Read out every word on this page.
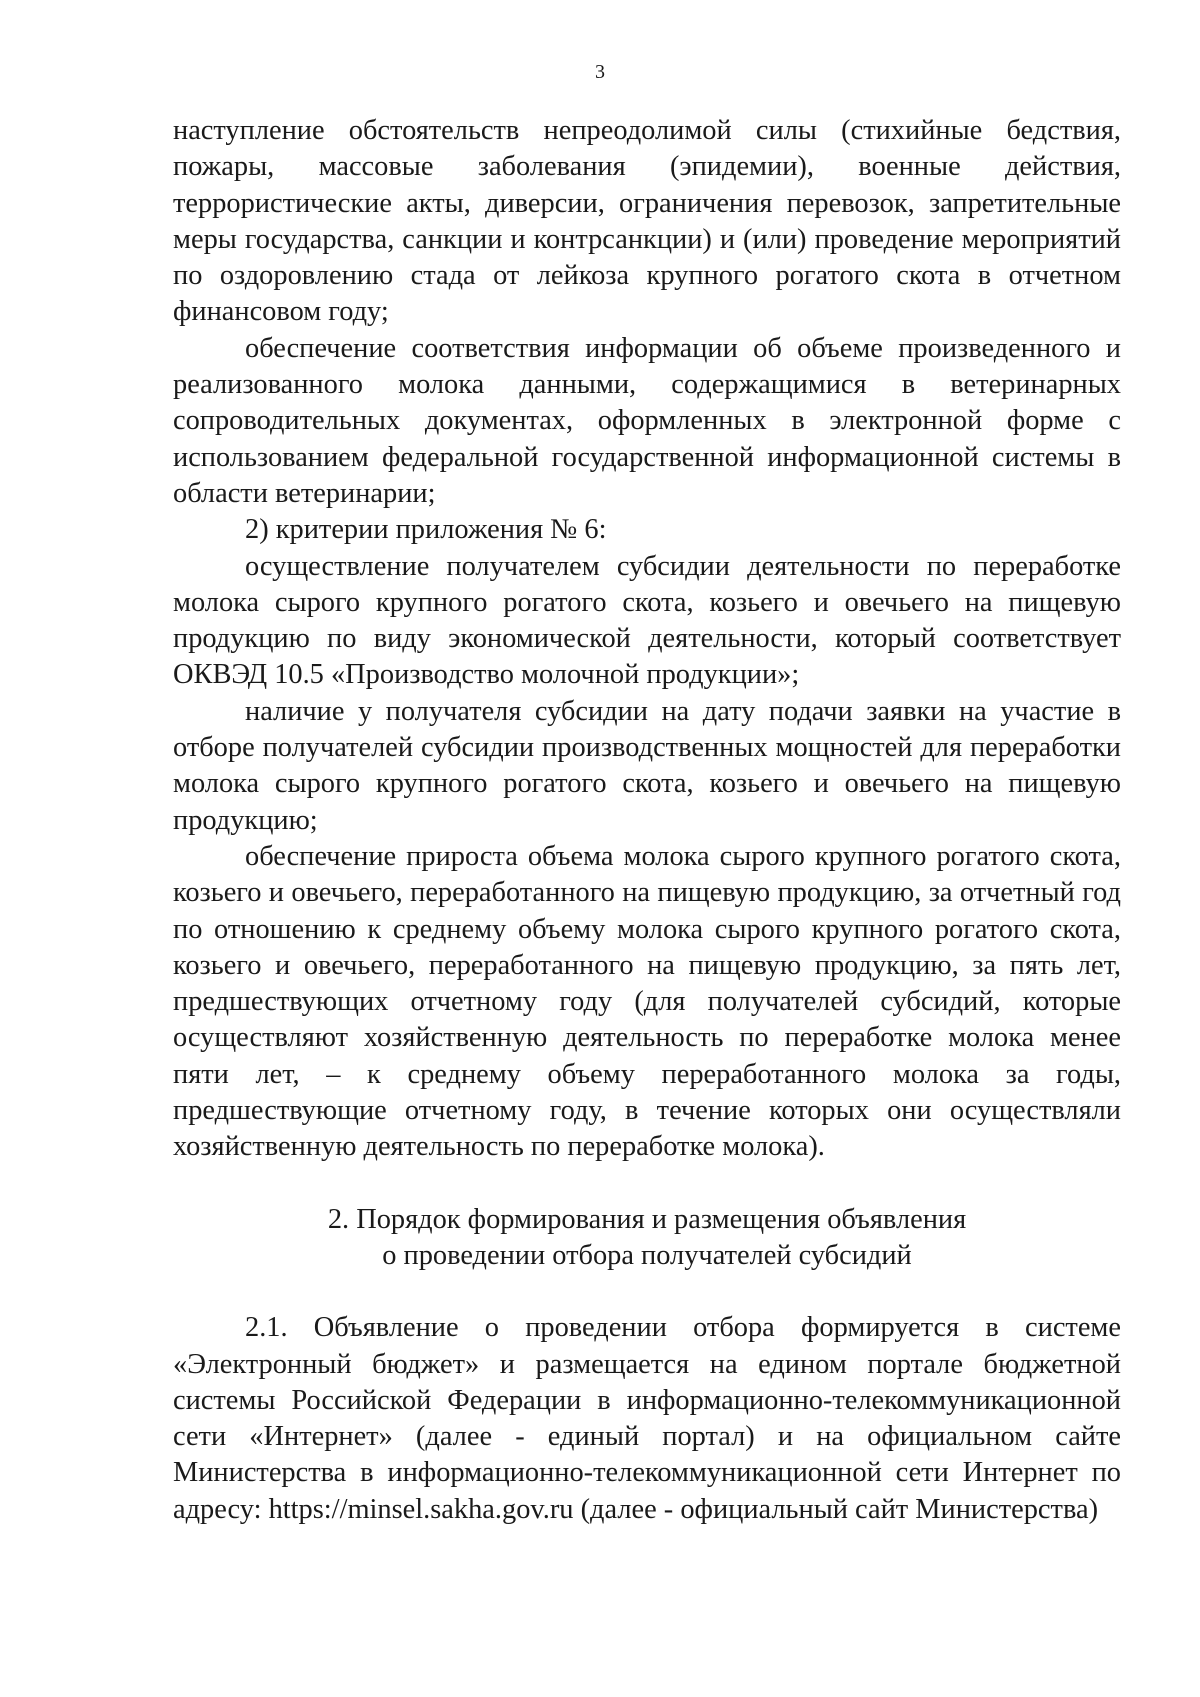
3

наступление обстоятельств непреодолимой силы (стихийные бедствия, пожары, массовые заболевания (эпидемии), военные действия, террористические акты, диверсии, ограничения перевозок, запретительные меры государства, санкции и контрсанкции) и (или) проведение мероприятий по оздоровлению стада от лейкоза крупного рогатого скота в отчетном финансовом году;

обеспечение соответствия информации об объеме произведенного и реализованного молока данными, содержащимися в ветеринарных сопроводительных документах, оформленных в электронной форме с использованием федеральной государственной информационной системы в области ветеринарии;

2) критерии приложения № 6:

осуществление получателем субсидии деятельности по переработке молока сырого крупного рогатого скота, козьего и овечьего на пищевую продукцию по виду экономической деятельности, который соответствует ОКВЭД 10.5 «Производство молочной продукции»;

наличие у получателя субсидии на дату подачи заявки на участие в отборе получателей субсидии производственных мощностей для переработки молока сырого крупного рогатого скота, козьего и овечьего на пищевую продукцию;

обеспечение прироста объема молока сырого крупного рогатого скота, козьего и овечьего, переработанного на пищевую продукцию, за отчетный год по отношению к среднему объему молока сырого крупного рогатого скота, козьего и овечьего, переработанного на пищевую продукцию, за пять лет, предшествующих отчетному году (для получателей субсидий, которые осуществляют хозяйственную деятельность по переработке молока менее пяти лет, – к среднему объему переработанного молока за годы, предшествующие отчетному году, в течение которых они осуществляли хозяйственную деятельность по переработке молока).

2. Порядок формирования и размещения объявления

о проведении отбора получателей субсидий

2.1. Объявление о проведении отбора формируется в системе «Электронный бюджет» и размещается на едином портале бюджетной системы Российской Федерации в информационно-телекоммуникационной сети «Интернет» (далее - единый портал) и на официальном сайте Министерства в информационно-телекоммуникационной сети Интернет по адресу: https://minsel.sakha.gov.ru (далее - официальный сайт Министерства)
